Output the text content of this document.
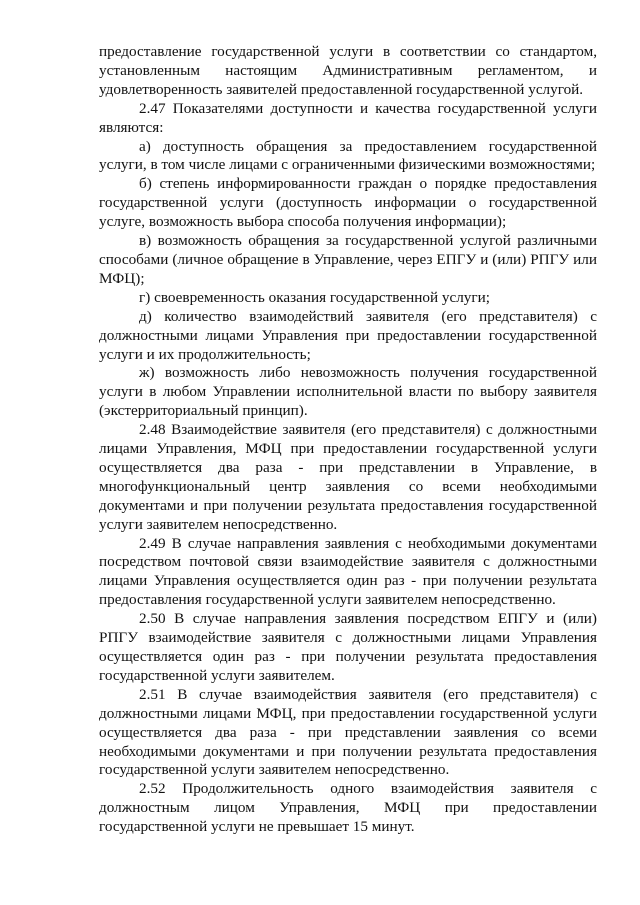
предоставление государственной услуги в соответствии со стандартом, установленным настоящим Административным регламентом, и удовлетворенность заявителей предоставленной государственной услугой.

2.47 Показателями доступности и качества государственной услуги являются:

а) доступность обращения за предоставлением государственной услуги, в том числе лицами с ограниченными физическими возможностями;

б) степень информированности граждан о порядке предоставления государственной услуги (доступность информации о государственной услуге, возможность выбора способа получения информации);

в) возможность обращения за государственной услугой различными способами (личное обращение в Управление, через ЕПГУ и (или) РПГУ или МФЦ);

г) своевременность оказания государственной услуги;

д) количество взаимодействий заявителя (его представителя) с должностными лицами Управления при предоставлении государственной услуги и их продолжительность;

ж) возможность либо невозможность получения государственной услуги в любом Управлении исполнительной власти по выбору заявителя (экстерриториальный принцип).

2.48 Взаимодействие заявителя (его представителя) с должностными лицами Управления, МФЦ при предоставлении государственной услуги осуществляется два раза - при представлении в Управление, в многофункциональный центр заявления со всеми необходимыми документами и при получении результата предоставления государственной услуги заявителем непосредственно.

2.49 В случае направления заявления с необходимыми документами посредством почтовой связи взаимодействие заявителя с должностными лицами Управления осуществляется один раз - при получении результата предоставления государственной услуги заявителем непосредственно.

2.50 В случае направления заявления посредством ЕПГУ и (или) РПГУ взаимодействие заявителя с должностными лицами Управления осуществляется один раз - при получении результата предоставления государственной услуги заявителем.

2.51 В случае взаимодействия заявителя (его представителя) с должностными лицами МФЦ, при предоставлении государственной услуги осуществляется два раза - при представлении заявления со всеми необходимыми документами и при получении результата предоставления государственной услуги заявителем непосредственно.

2.52 Продолжительность одного взаимодействия заявителя с должностным лицом Управления, МФЦ при предоставлении государственной услуги не превышает 15 минут.
